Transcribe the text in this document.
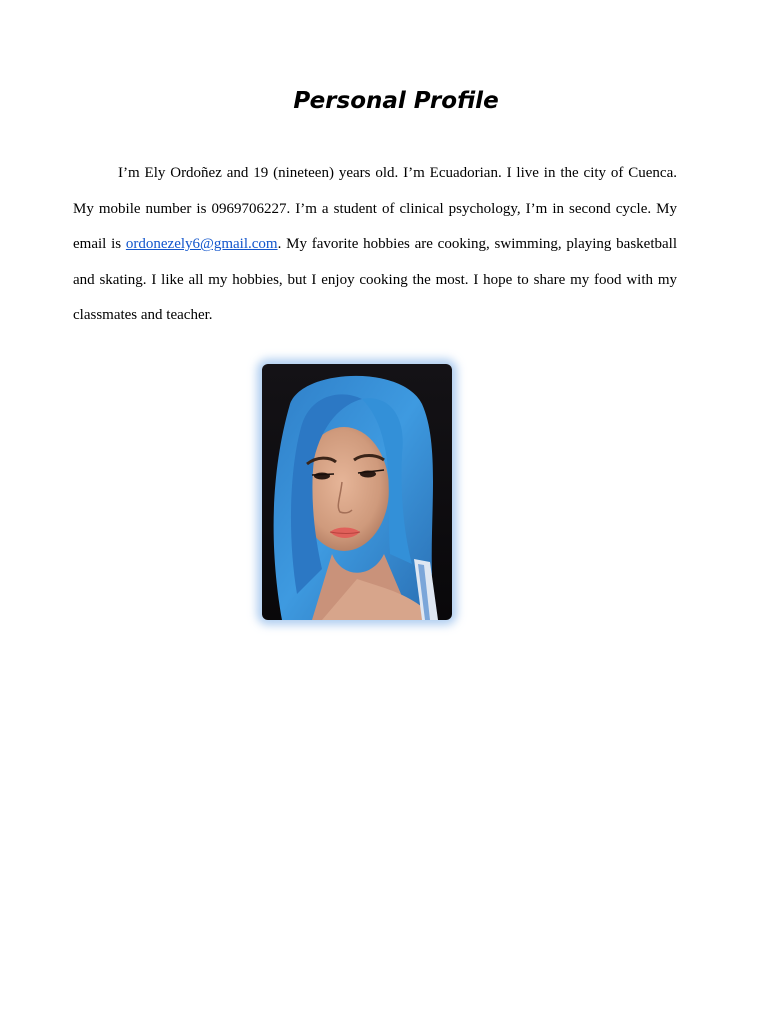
Personal Profile

I’m Ely Ordoñez and 19 (nineteen) years old. I’m Ecuadorian. I live in the city of Cuenca. My mobile number is 0969706227. I’m a student of clinical psychology, I’m in second cycle. My email is ordonezely6@gmail.com. My favorite hobbies are cooking, swimming, playing basketball and skating. I like all my hobbies, but I enjoy cooking the most. I hope to share my food with my classmates and teacher.
